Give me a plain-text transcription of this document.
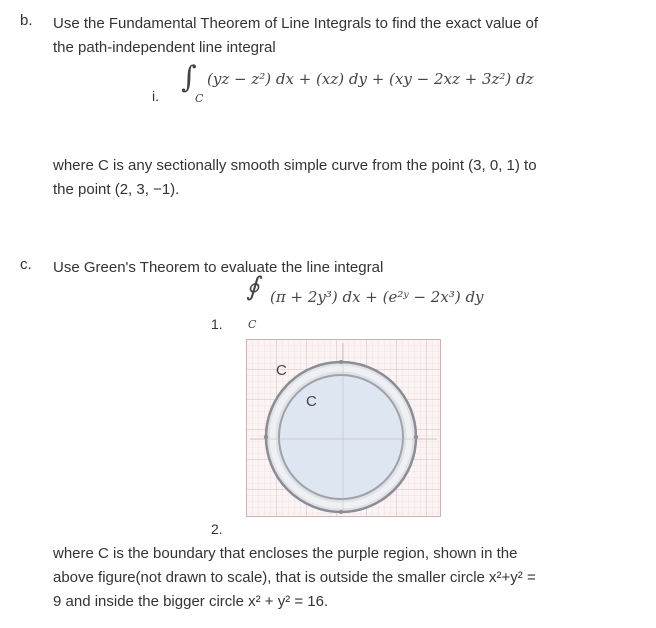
b. Use the Fundamental Theorem of Line Integrals to find the exact value of
the path-independent line integral
i.
∫
C
(yz − z²) dx + (xz) dy + (xy − 2xz + 3z²) dz
where C is any sectionally smooth simple curve from the point (3, 0, 1) to
the point (2, 3, −1).
c. Use Green's Theorem to evaluate the line integral
∮
C
(π + 2y³) dx + (e²ʸ − 2x³) dy
1.
C
C
2.
where C is the boundary that encloses the purple region, shown in the
above figure(not drawn to scale), that is outside the smaller circle x²+y² =
9 and inside the bigger circle x² + y² = 16.
